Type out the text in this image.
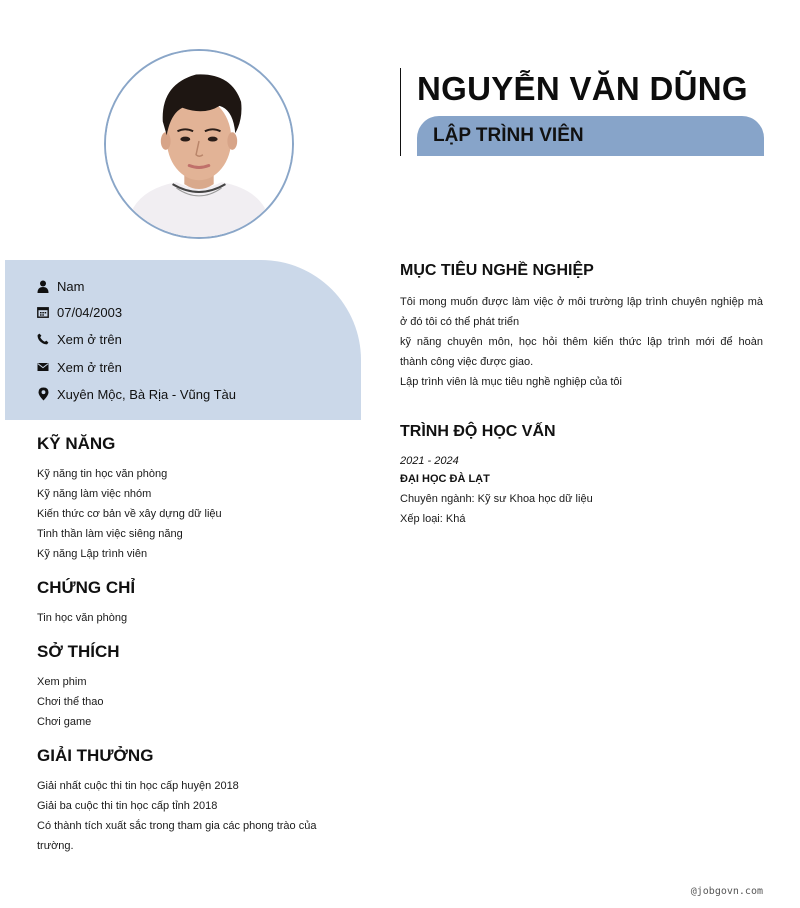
NGUYỄN VĂN DŨNG
LẬP TRÌNH VIÊN
Nam
07/04/2003
Xem ở trên
Xem ở trên
Xuyên Mộc, Bà Rịa - Vũng Tàu
KỸ NĂNG
Kỹ năng tin học văn phòng
Kỹ năng làm việc nhóm
Kiến thức cơ bản về xây dựng dữ liệu
Tinh thần làm việc siêng năng
Kỹ năng Lập trình viên
CHỨNG CHỈ
Tin học văn phòng
SỞ THÍCH
Xem phim
Chơi thể thao
Chơi game
GIẢI THƯỞNG
Giải nhất cuộc thi tin học cấp huyện 2018
Giải ba cuộc thi tin học cấp tỉnh 2018
Có thành tích xuất sắc trong tham gia các phong trào của
trường.
MỤC TIÊU NGHỀ NGHIỆP
Tôi mong muốn được làm việc ở môi trường lập trình chuyên nghiệp mà
ở đó tôi có thể phát triển
kỹ năng chuyên môn, học hỏi thêm kiến thức lập trình mới để hoàn
thành công việc được giao.
Lập trình viên là mục tiêu nghề nghiệp của tôi
TRÌNH ĐỘ HỌC VẤN
2021 - 2024
ĐẠI HỌC ĐÀ LẠT
Chuyên ngành: Kỹ sư Khoa học dữ liệu
Xếp loại: Khá
@jobgovn.com
